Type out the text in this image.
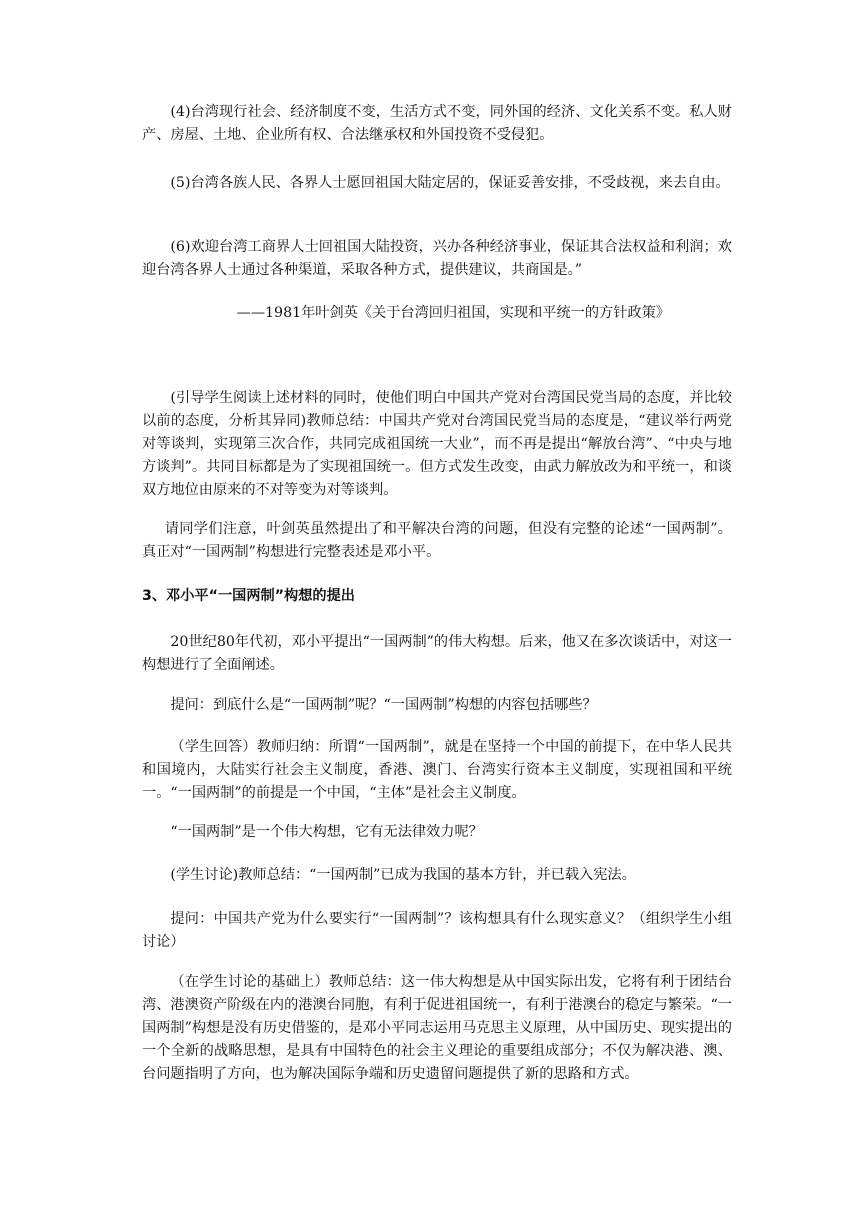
(4)台湾现行社会、经济制度不变，生活方式不变，同外国的经济、文化关系不变。私人财产、房屋、土地、企业所有权、合法继承权和外国投资不受侵犯。

(5)台湾各族人民、各界人士愿回祖国大陆定居的，保证妥善安排，不受歧视，来去自由。

(6)欢迎台湾工商界人士回祖国大陆投资，兴办各种经济事业，保证其合法权益和利润；欢迎台湾各界人士通过各种渠道，采取各种方式，提供建议，共商国是。”

——1981年叶剑英《关于台湾回归祖国，实现和平统一的方针政策》

(引导学生阅读上述材料的同时，使他们明白中国共产党对台湾国民党当局的态度，并比较以前的态度，分析其异同)教师总结：中国共产党对台湾国民党当局的态度是，“建议举行两党对等谈判，实现第三次合作，共同完成祖国统一大业”，而不再是提出“解放台湾”、“中央与地方谈判”。共同目标都是为了实现祖国统一。但方式发生改变，由武力解放改为和平统一，和谈双方地位由原来的不对等变为对等谈判。

请同学们注意，叶剑英虽然提出了和平解决台湾的问题，但没有完整的论述“一国两制”。真正对“一国两制”构想进行完整表述是邓小平。

3、邓小平“一国两制”构想的提出

20世纪80年代初，邓小平提出“一国两制”的伟大构想。后来，他又在多次谈话中，对这一构想进行了全面阐述。

提问：到底什么是“一国两制”呢？“一国两制”构想的内容包括哪些？

（学生回答）教师归纳：所谓“一国两制”，就是在坚持一个中国的前提下，在中华人民共和国境内，大陆实行社会主义制度，香港、澳门、台湾实行资本主义制度，实现祖国和平统一。“一国两制”的前提是一个中国，“主体”是社会主义制度。

“一国两制”是一个伟大构想，它有无法律效力呢？

(学生讨论)教师总结：“一国两制”已成为我国的基本方针，并已载入宪法。

提问：中国共产党为什么要实行“一国两制”？该构想具有什么现实意义？（组织学生小组讨论）

（在学生讨论的基础上）教师总结：这一伟大构想是从中国实际出发，它将有利于团结台湾、港澳资产阶级在内的港澳台同胞，有利于促进祖国统一，有利于港澳台的稳定与繁荣。“一国两制”构想是没有历史借鉴的，是邓小平同志运用马克思主义原理，从中国历史、现实提出的一个全新的战略思想，是具有中国特色的社会主义理论的重要组成部分；不仅为解决港、澳、台问题指明了方向，也为解决国际争端和历史遗留问题提供了新的思路和方式。
